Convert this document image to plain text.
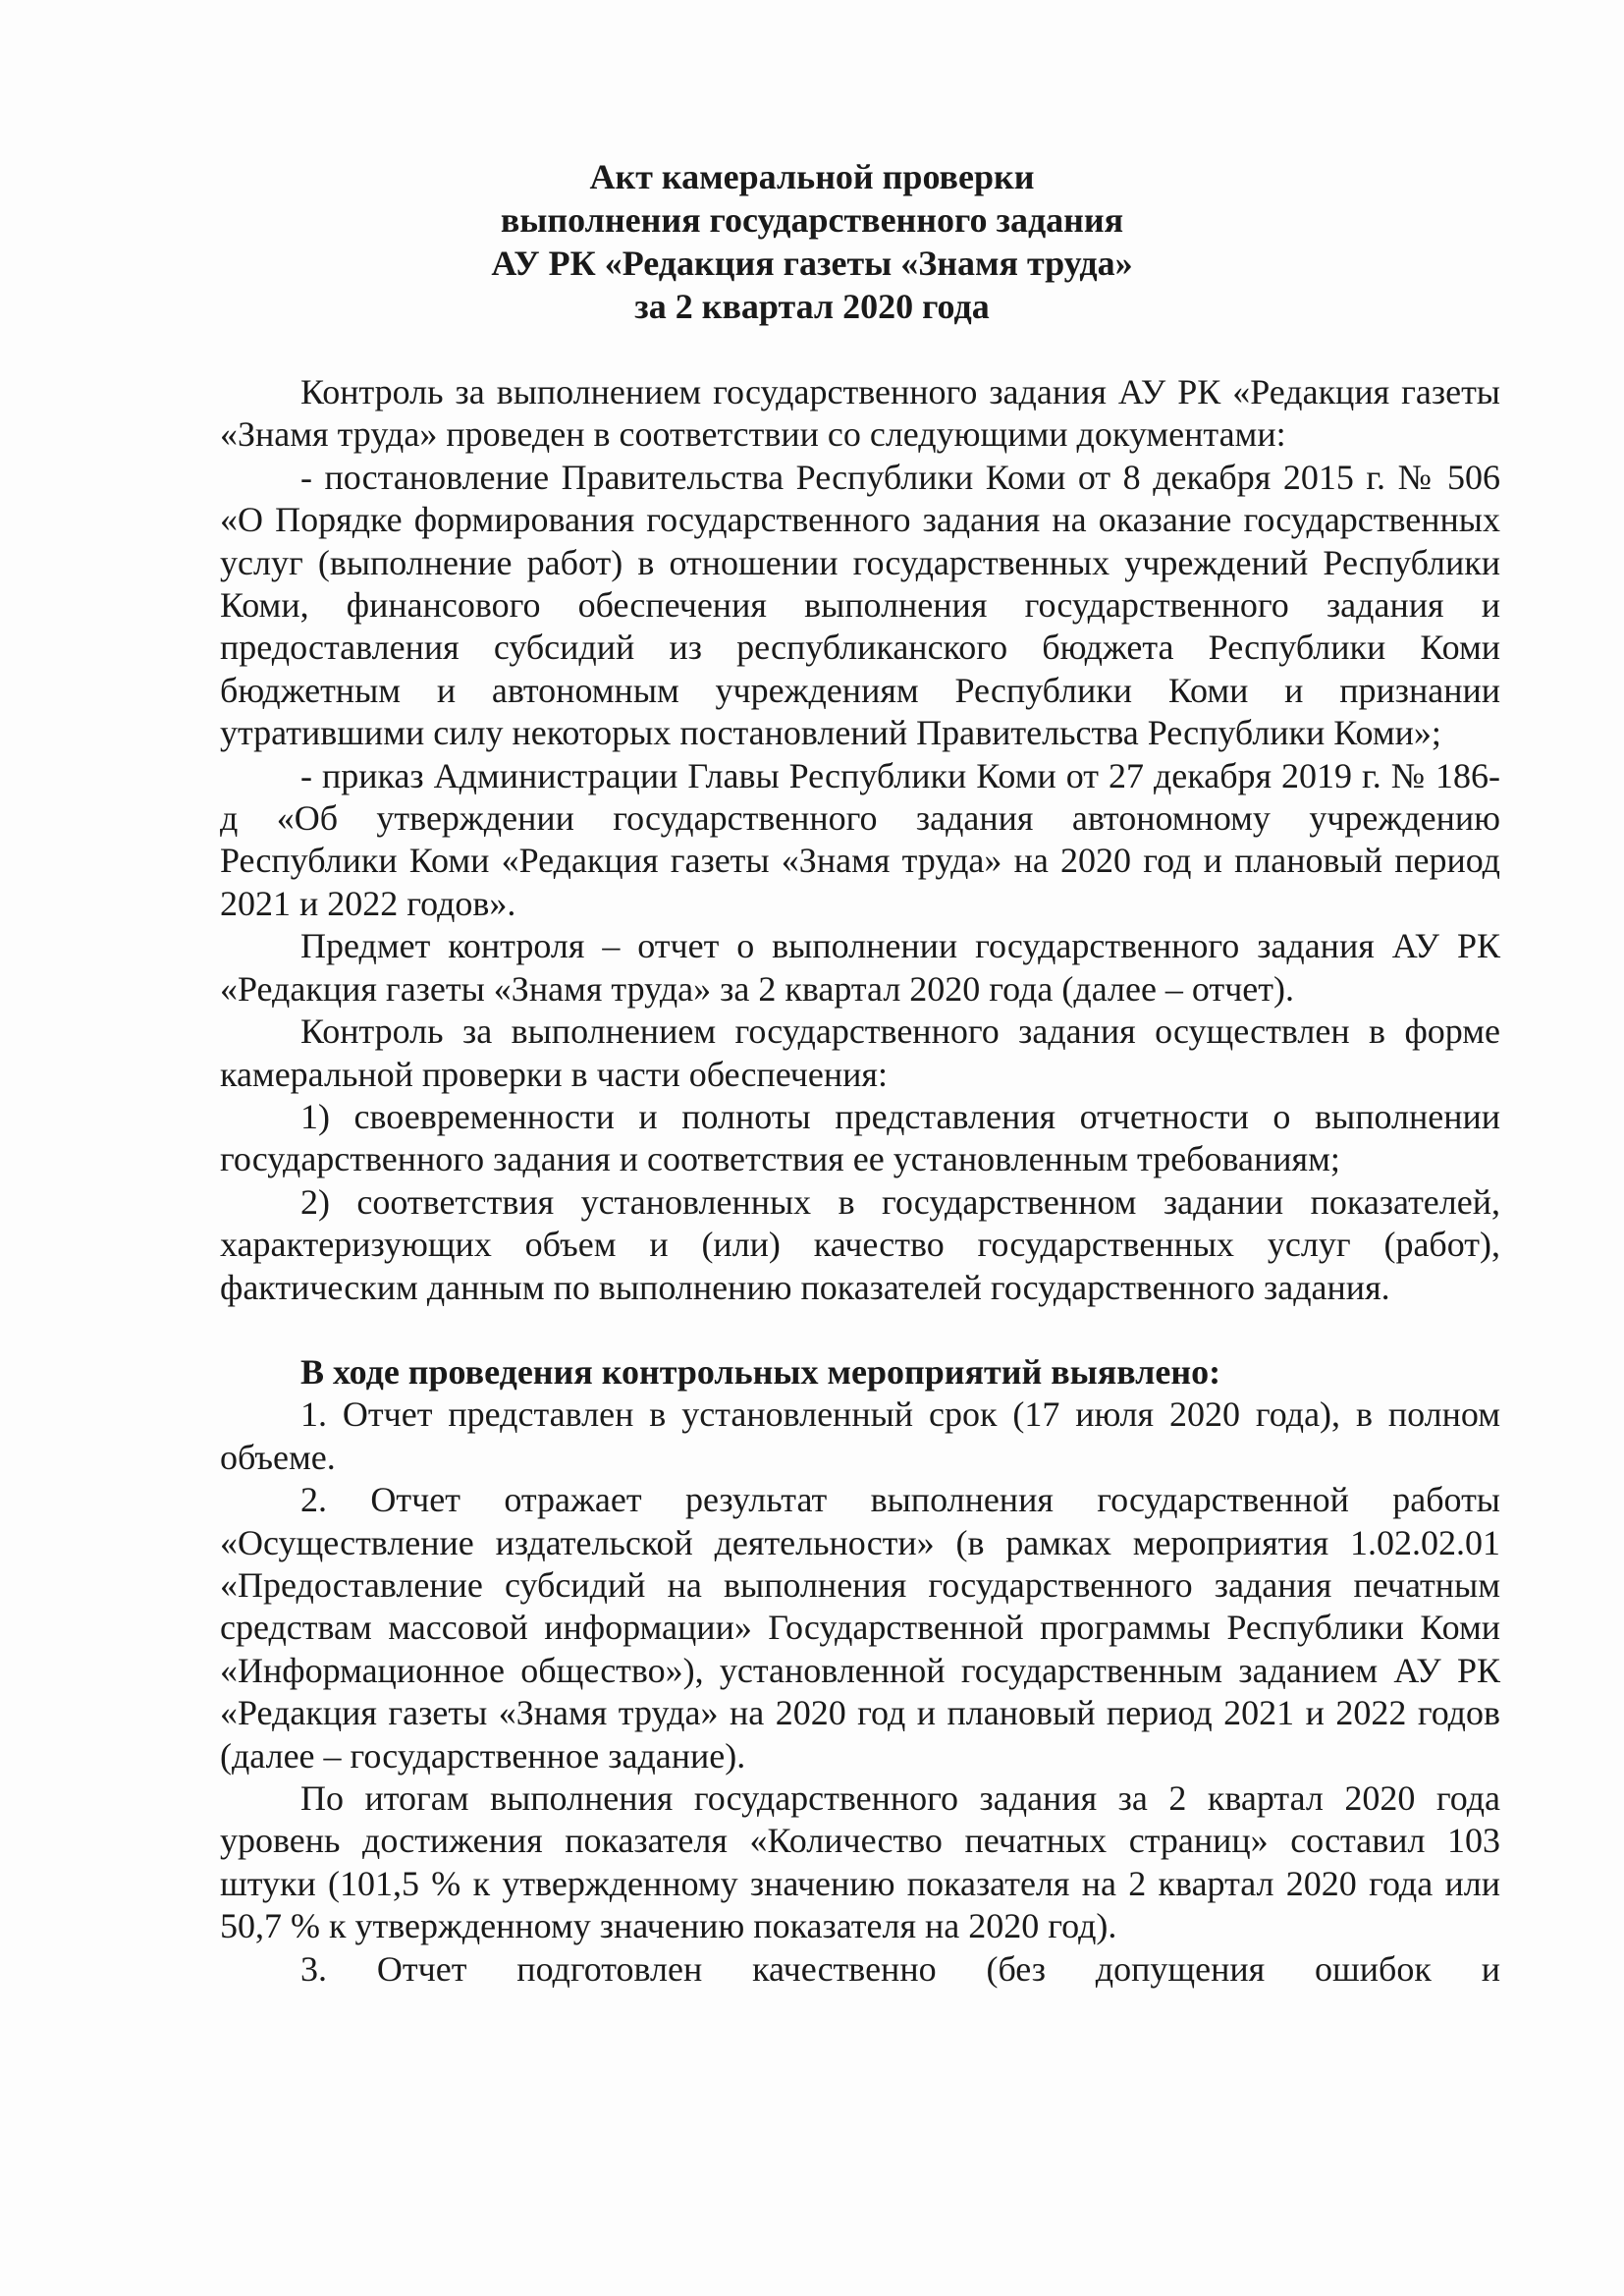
Акт камеральной проверки
выполнения государственного задания
АУ РК «Редакция газеты «Знамя труда»
за 2 квартал 2020 года

Контроль за выполнением государственного задания АУ РК «Редакция газеты «Знамя труда» проведен в соответствии со следующими документами:

- постановление Правительства Республики Коми от 8 декабря 2015 г. № 506 «О Порядке формирования государственного задания на оказание государственных услуг (выполнение работ) в отношении государственных учреждений Республики Коми, финансового обеспечения выполнения государственного задания и предоставления субсидий из республиканского бюджета Республики Коми бюджетным и автономным учреждениям Республики Коми и признании утратившими силу некоторых постановлений Правительства Республики Коми»;

- приказ Администрации Главы Республики Коми от 27 декабря 2019 г. № 186-д «Об утверждении государственного задания автономному учреждению Республики Коми «Редакция газеты «Знамя труда» на 2020 год и плановый период 2021 и 2022 годов».

Предмет контроля – отчет о выполнении государственного задания АУ РК «Редакция газеты «Знамя труда» за 2 квартал 2020 года (далее – отчет).

Контроль за выполнением государственного задания осуществлен в форме камеральной проверки в части обеспечения:

1) своевременности и полноты представления отчетности о выполнении государственного задания и соответствия ее установленным требованиям;

2) соответствия установленных в государственном задании показателей, характеризующих объем и (или) качество государственных услуг (работ), фактическим данным по выполнению показателей государственного задания.

В ходе проведения контрольных мероприятий выявлено:

1. Отчет представлен в установленный срок (17 июля 2020 года), в полном объеме.

2. Отчет отражает результат выполнения государственной работы «Осуществление издательской деятельности» (в рамках мероприятия 1.02.02.01 «Предоставление субсидий на выполнения государственного задания печатным средствам массовой информации» Государственной программы Республики Коми «Информационное общество»), установленной государственным заданием АУ РК «Редакция газеты «Знамя труда» на 2020 год и плановый период 2021 и 2022 годов (далее – государственное задание).

По итогам выполнения государственного задания за 2 квартал 2020 года уровень достижения показателя «Количество печатных страниц» составил 103 штуки (101,5 % к утвержденному значению показателя на 2 квартал 2020 года или 50,7 % к утвержденному значению показателя на 2020 год).

3. Отчет подготовлен качественно (без допущения ошибок и
